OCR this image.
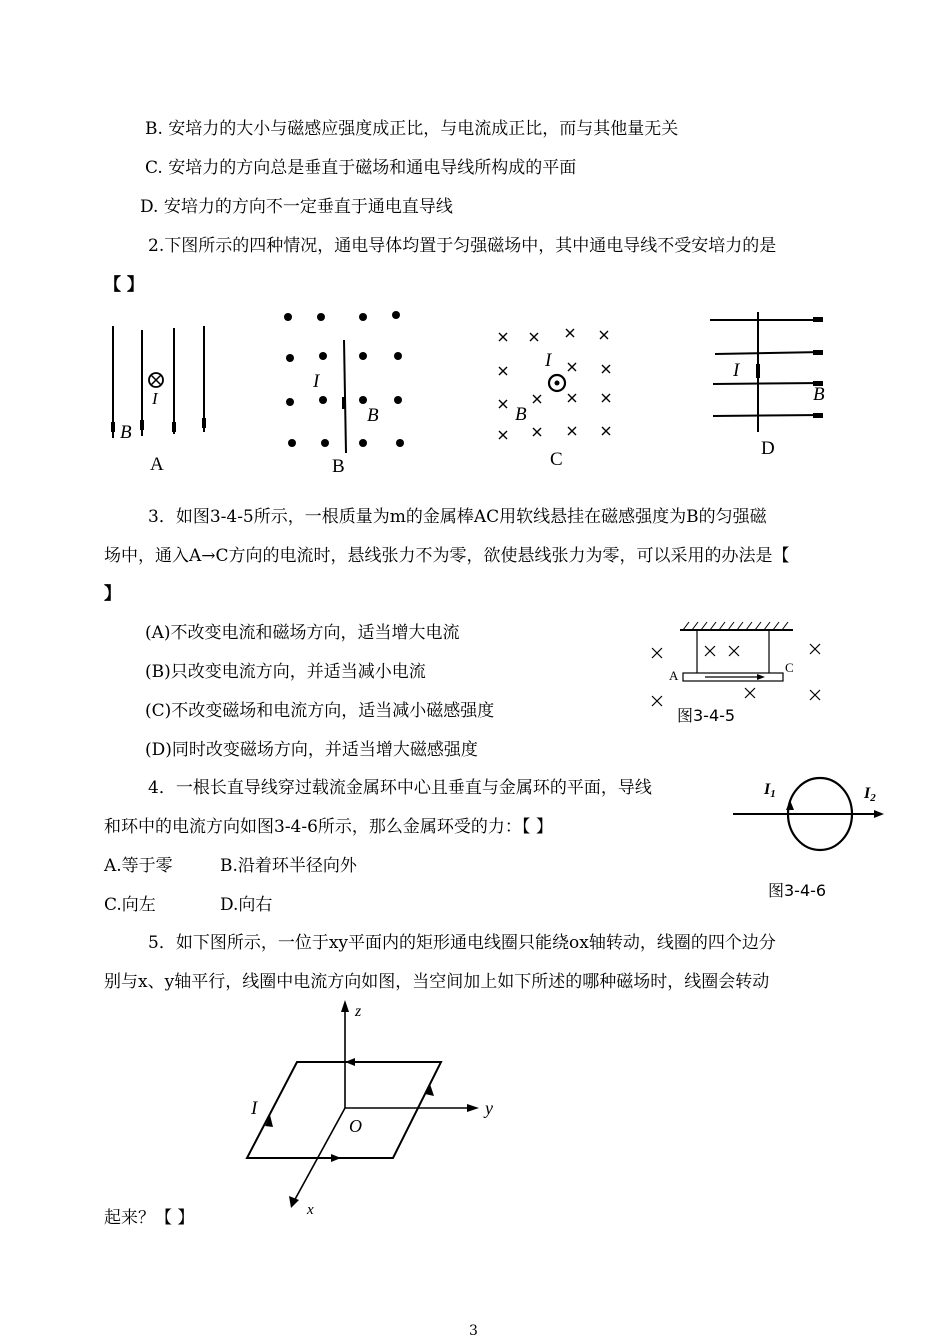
B. 安培力的大小与磁感应强度成正比，与电流成正比，而与其他量无关
C. 安培力的方向总是垂直于磁场和通电导线所构成的平面
D. 安培力的方向不一定垂直于通电直导线
2.下图所示的四种情况，通电导体均置于匀强磁场中，其中通电导线不受安培力的是
【 】
I
B
A
I
B
B
I
B
C
I
B
D
3．如图3-4-5所示，一根质量为m的金属棒AC用软线悬挂在磁感强度为B的匀强磁
场中，通入A→C方向的电流时，悬线张力不为零，欲使悬线张力为零，可以采用的办法是【
】
(A)不改变电流和磁场方向，适当增大电流
(B)只改变电流方向，并适当减小电流
(C)不改变磁场和电流方向，适当减小磁感强度
(D)同时改变磁场方向，并适当增大磁感强度
A
C
图3-4-5
4．一根长直导线穿过载流金属环中心且垂直与金属环的平面，导线
和环中的电流方向如图3-4-6所示，那么金属环受的力：【 】
A.等于零	B.沿着环半径向外
C.向左	D.向右
I1	I2
图3-4-6
5．如下图所示，一位于xy平面内的矩形通电线圈只能绕ox轴转动，线圈的四个边分
别与x、y轴平行，线圈中电流方向如图，当空间加上如下所述的哪种磁场时，线圈会转动
z
y
x
O
I
起来？【 】
3
